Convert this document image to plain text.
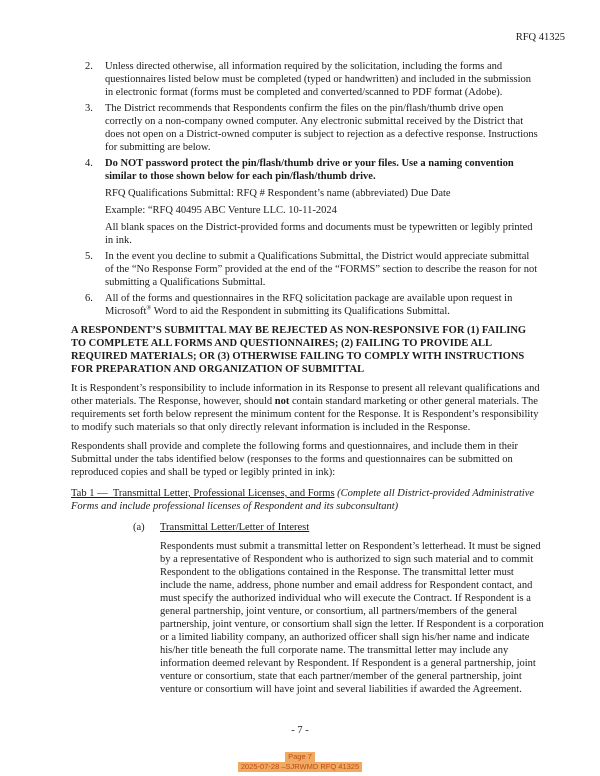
RFQ 41325
2.	Unless directed otherwise, all information required by the solicitation, including the forms and questionnaires listed below must be completed (typed or handwritten) and included in the submission in electronic format (forms must be completed and converted/scanned to PDF format (Adobe).
3.	The District recommends that Respondents confirm the files on the pin/flash/thumb drive open correctly on a non-company owned computer. Any electronic submittal received by the District that does not open on a District-owned computer is subject to rejection as a defective response. Instructions for submitting are below.
4.	Do NOT password protect the pin/flash/thumb drive or your files. Use a naming convention similar to those shown below for each pin/flash/thumb drive.
RFQ Qualifications Submittal: RFQ # Respondent’s name (abbreviated) Due Date
Example: “RFQ 40495 ABC Venture LLC. 10-11-2024
All blank spaces on the District-provided forms and documents must be typewritten or legibly printed in ink.
5.	In the event you decline to submit a Qualifications Submittal, the District would appreciate submittal of the “No Response Form” provided at the end of the “FORMS” section to describe the reason for not submitting a Qualifications Submittal.
6.	All of the forms and questionnaires in the RFQ solicitation package are available upon request in Microsoft® Word to aid the Respondent in submitting its Qualifications Submittal.

A RESPONDENT’S SUBMITTAL MAY BE REJECTED AS NON-RESPONSIVE FOR (1) FAILING TO COMPLETE ALL FORMS AND QUESTIONNAIRES; (2) FAILING TO PROVIDE ALL REQUIRED MATERIALS; OR (3) OTHERWISE FAILING TO COMPLY WITH INSTRUCTIONS FOR PREPARATION AND ORGANIZATION OF SUBMITTAL

It is Respondent’s responsibility to include information in its Response to present all relevant qualifications and other materials. The Response, however, should not contain standard marketing or other general materials. The requirements set forth below represent the minimum content for the Response. It is Respondent’s responsibility to modify such materials so that only directly relevant information is included in the Response.

Respondents shall provide and complete the following forms and questionnaires, and include them in their Submittal under the tabs identified below (responses to the forms and questionnaires can be submitted on reproduced copies and shall be typed or legibly printed in ink):

Tab 1 — Transmittal Letter, Professional Licenses, and Forms (Complete all District-provided Administrative Forms and include professional licenses of Respondent and its subconsultant)

(a) Transmittal Letter/Letter of Interest
Respondents must submit a transmittal letter on Respondent’s letterhead. It must be signed by a representative of Respondent who is authorized to sign such material and to commit Respondent to the obligations contained in the Response. The transmittal letter must include the name, address, phone number and email address for Respondent contact, and must specify the authorized individual who will execute the Contract. If Respondent is a general partnership, joint venture, or consortium, all partners/members of the general partnership, joint venture, or consortium shall sign the letter. If Respondent is a corporation or a limited liability company, an authorized officer shall sign his/her name and indicate his/her title beneath the full corporate name. The transmittal letter may include any information deemed relevant by Respondent. If Respondent is a general partnership, joint venture or consortium, state that each partner/member of the general partnership, joint venture or consortium will have joint and several liabilities if awarded the Agreement.
- 7 -
Page 7
2025-07-28 –SJRWMD RFQ 41325
